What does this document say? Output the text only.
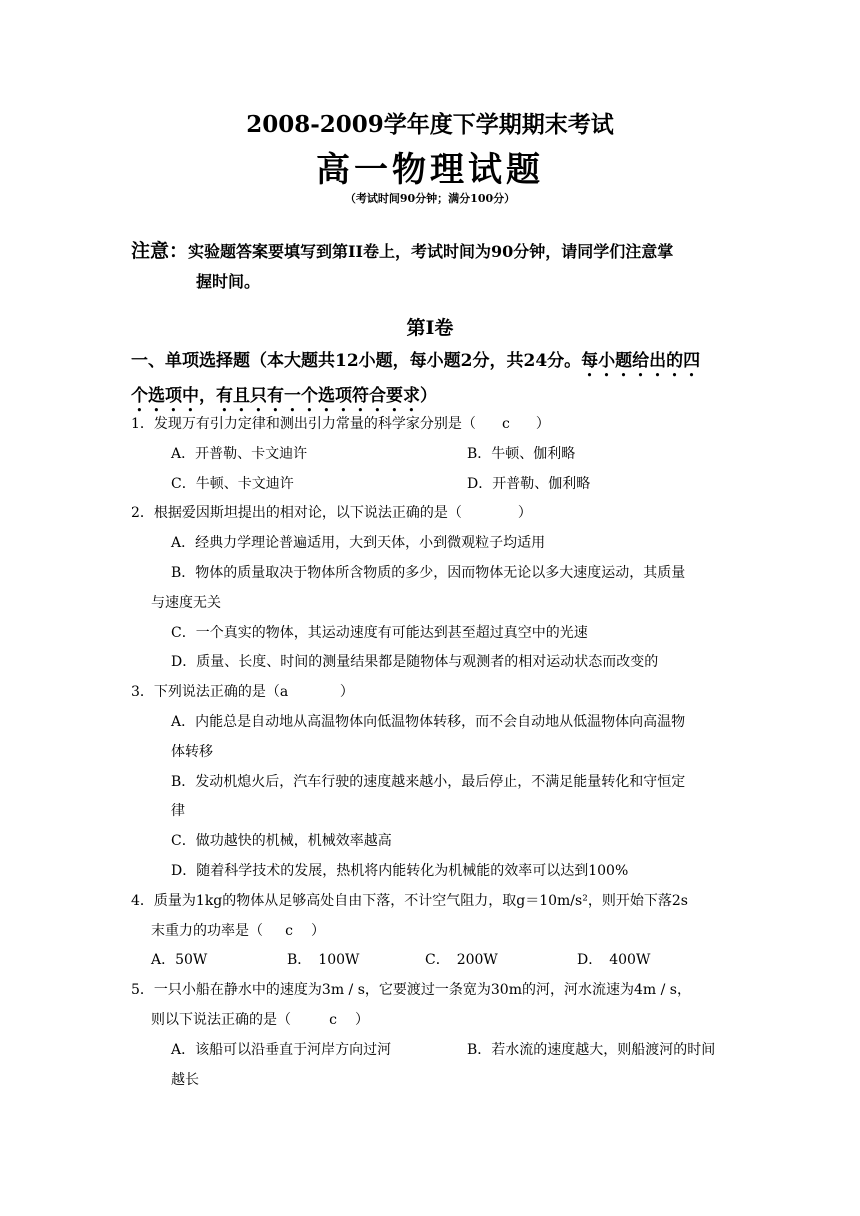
2008-2009学年度下学期期末考试
高一物理试题
（考试时间90分钟；满分100分）
注意：实验题答案要填写到第II卷上，考试时间为90分钟，请同学们注意掌
握时间。
第I卷
一、单项选择题（本大题共12小题，每小题2分，共24分。每小题给出的四
个选项中，有且只有一个选项符合要求）
1．发现万有引力定律和测出引力常量的科学家分别是（ c ）
A．开普勒、卡文迪许	B．牛顿、伽利略
C．牛顿、卡文迪许	D．开普勒、伽利略
2．根据爱因斯坦提出的相对论，以下说法正确的是（　　　　）
A．经典力学理论普遍适用，大到天体，小到微观粒子均适用
B．物体的质量取决于物体所含物质的多少，因而物体无论以多大速度运动，其质量
与速度无关
C．一个真实的物体，其运动速度有可能达到甚至超过真空中的光速
D．质量、长度、时间的测量结果都是随物体与观测者的相对运动状态而改变的
3．下列说法正确的是（a	）
A．内能总是自动地从高温物体向低温物体转移，而不会自动地从低温物体向高温物
体转移
B．发动机熄火后，汽车行驶的速度越来越小，最后停止，不满足能量转化和守恒定
律
C．做功越快的机械，机械效率越高
D．随着科学技术的发展，热机将内能转化为机械能的效率可以达到100%
4．质量为1kg的物体从足够高处自由下落，不计空气阻力，取g＝10m/s²，则开始下落2s
末重力的功率是（ c ）
A．50W	B．　100W	C．　200W	D．　400W
5．一只小船在静水中的速度为3m / s，它要渡过一条宽为30m的河，河水流速为4m / s，
则以下说法正确的是（	c ）
A．该船可以沿垂直于河岸方向过河	B．若水流的速度越大，则船渡河的时间
越长
